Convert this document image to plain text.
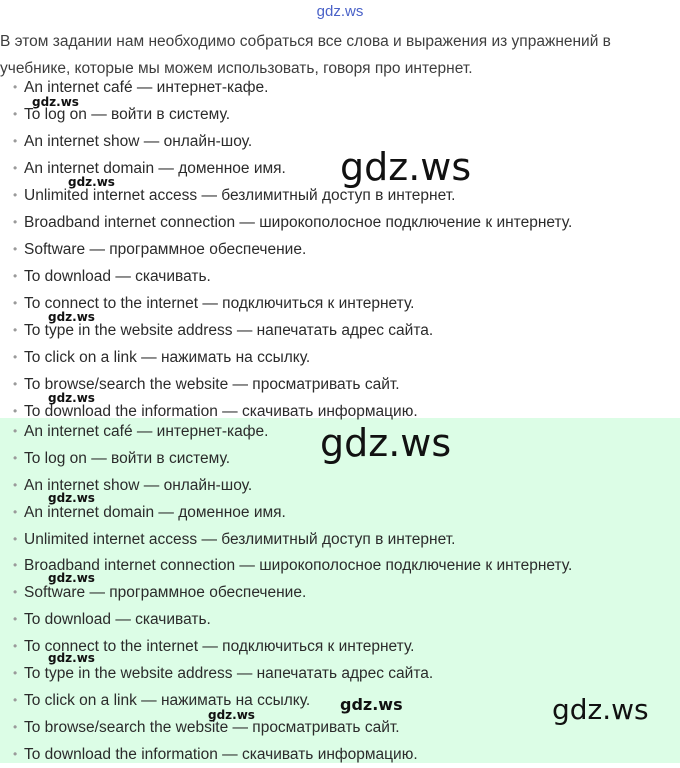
gdz.ws
В этом задании нам необходимо собраться все слова и выражения из упражнений в учебнике, которые мы можем использовать, говоря про интернет.
• An internet café — интернет-кафе.
• To log on — войти в систему.
• An internet show — онлайн-шоу.
• An internet domain — доменное имя.
• Unlimited internet access — безлимитный доступ в интернет.
• Broadband internet connection — широкополосное подключение к интернету.
• Software — программное обеспечение.
• To download — скачивать.
• To connect to the internet — подключиться к интернету.
• To type in the website address — напечатать адрес сайта.
• To click on a link — нажимать на ссылку.
• To browse/search the website — просматривать сайт.
• To download the information — скачивать информацию.
• An internet café — интернет-кафе.
• To log on — войти в систему.
• An internet show — онлайн-шоу.
• An internet domain — доменное имя.
• Unlimited internet access — безлимитный доступ в интернет.
• Broadband internet connection — широкополосное подключение к интернету.
• Software — программное обеспечение.
• To download — скачивать.
• To connect to the internet — подключиться к интернету.
• To type in the website address — напечатать адрес сайта.
• To click on a link — нажимать на ссылку.
• To browse/search the website — просматривать сайт.
• To download the information — скачивать информацию.
gdz.ws
gdz.ws
gdz.ws
gdz.ws
gdz.ws
gdz.ws
gdz.ws
gdz.ws
gdz.ws
gdz.ws
gdz.ws	gdz.ws
